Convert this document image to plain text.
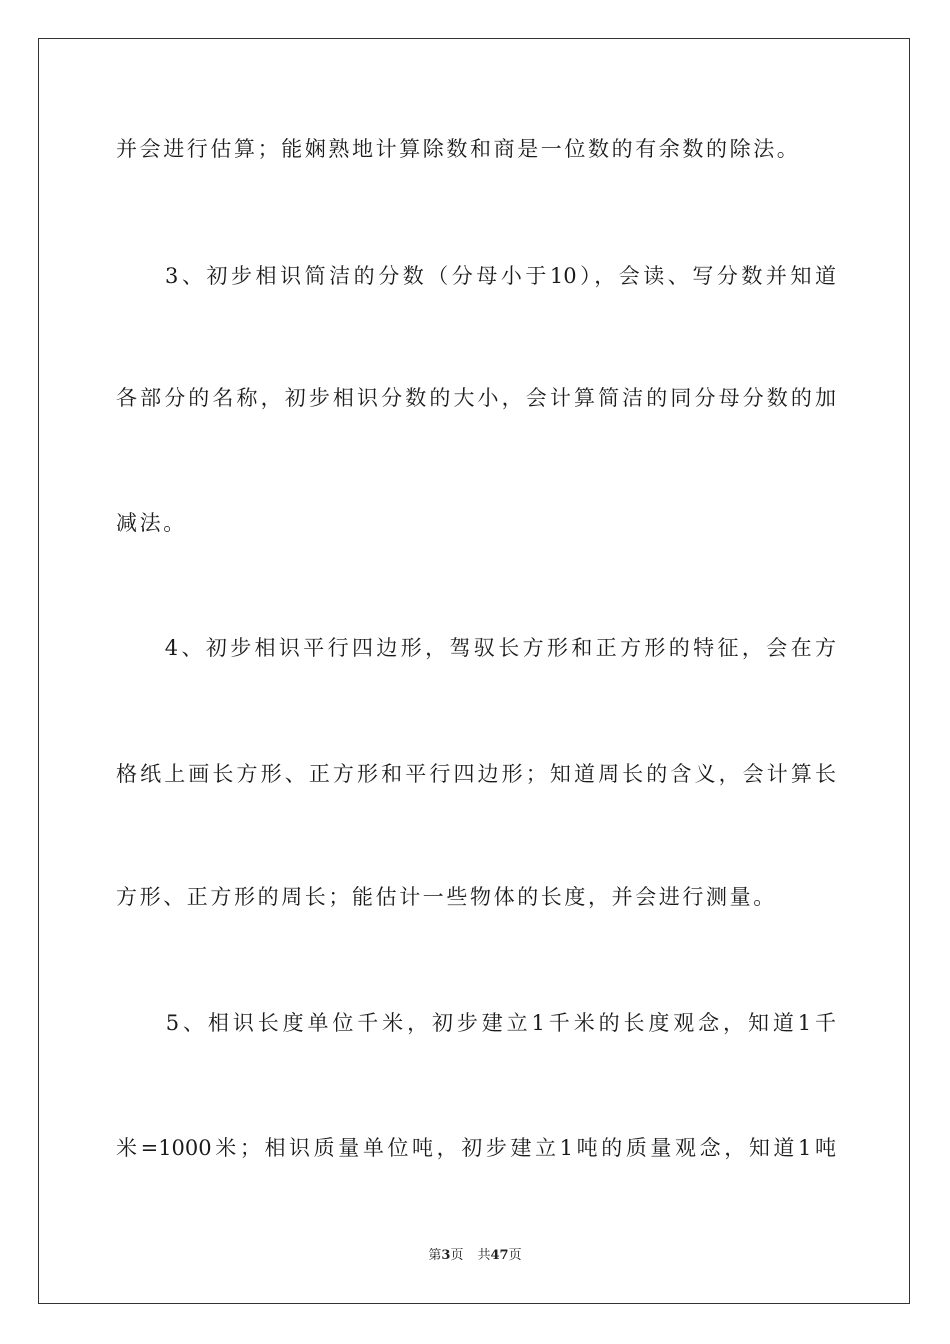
并会进行估算；能娴熟地计算除数和商是一位数的有余数的除法。
　　3、初步相识简洁的分数（分母小于10），会读、写分数并知道
各部分的名称，初步相识分数的大小，会计算简洁的同分母分数的加
减法。
　　4、初步相识平行四边形，驾驭长方形和正方形的特征，会在方
格纸上画长方形、正方形和平行四边形；知道周长的含义，会计算长
方形、正方形的周长；能估计一些物体的长度，并会进行测量。
　　5、相识长度单位千米，初步建立1千米的长度观念，知道1千
米=1000米；相识质量单位吨，初步建立1吨的质量观念，知道1吨
第3页 共47页
